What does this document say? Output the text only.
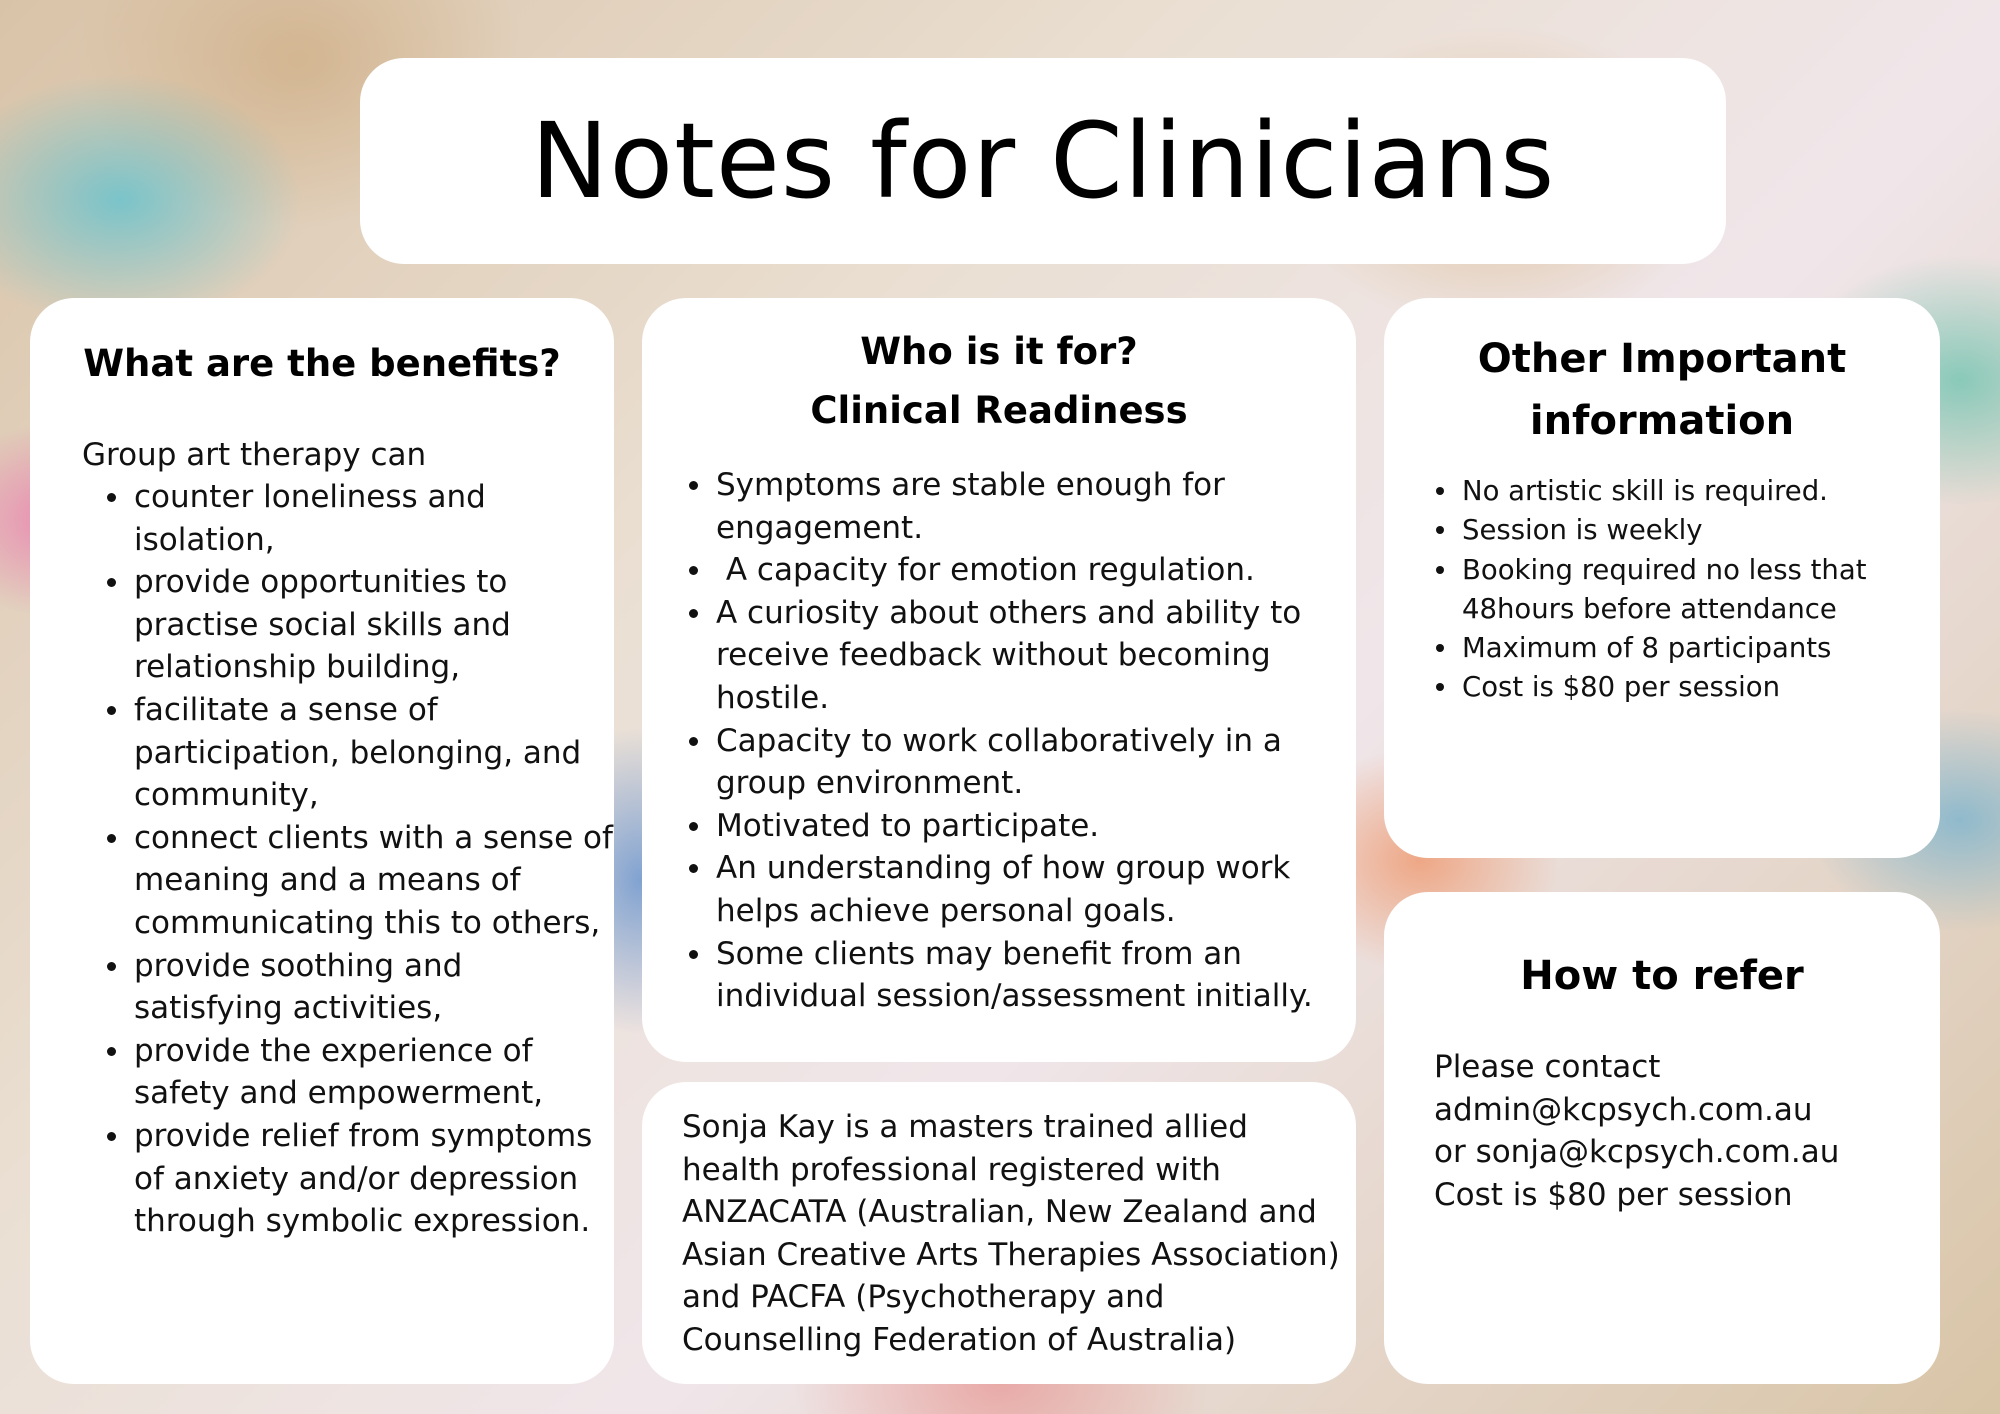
Notes for Clinicians
What are the benefits?
Group art therapy can
counter loneliness and isolation,
provide opportunities to practise social skills and relationship building,
facilitate a sense of participation, belonging, and community,
connect clients with a sense of meaning and a means of communicating this to others,
provide soothing and satisfying activities,
provide the experience of safety and empowerment,
provide relief from symptoms of anxiety and/or depression through symbolic expression.
Who is it for?
Clinical Readiness
Symptoms are stable enough for engagement.
A capacity for emotion regulation.
A curiosity about others and ability to receive feedback without becoming hostile.
Capacity to work collaboratively in a group environment.
Motivated to participate.
An understanding of how group work helps achieve personal goals.
Some clients may benefit from an individual session/assessment initially.
Sonja Kay is a masters trained allied health professional registered with ANZACATA (Australian, New Zealand and Asian Creative Arts Therapies Association) and PACFA (Psychotherapy and Counselling Federation of Australia)
Other Important
information
No artistic skill is required.
Session is weekly
Booking required no less that 48hours before attendance
Maximum of 8 participants
Cost is $80 per session
How to refer
Please contact
admin@kcpsych.com.au
or sonja@kcpsych.com.au
Cost is $80 per session
